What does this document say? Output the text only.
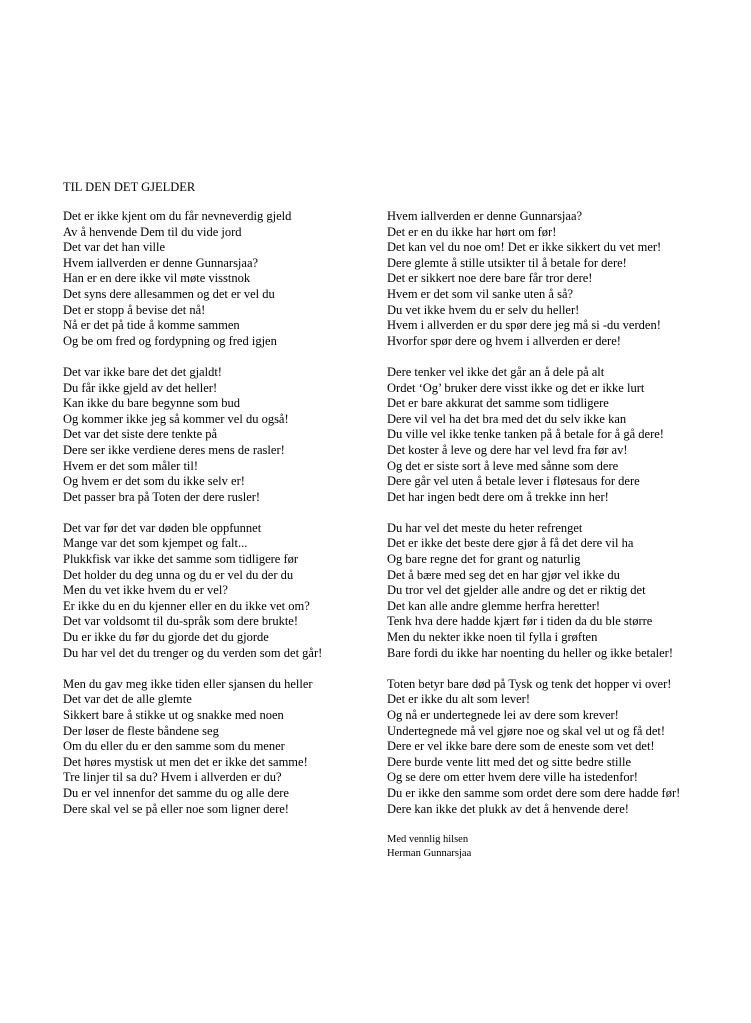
TIL DEN DET GJELDER
Det er ikke kjent om du får nevneverdig gjeld
Av å henvende Dem til du vide jord
Det var det han ville
Hvem iallverden er denne Gunnarsjaa?
Han er en dere ikke vil møte visstnok
Det syns dere allesammen og det er vel du
Det er stopp å bevise det nå!
Nå er det på tide å komme sammen
Og be om fred og fordypning og fred igjen
Det var ikke bare det det gjaldt!
Du får ikke gjeld av det heller!
Kan ikke du bare begynne som bud
Og kommer ikke jeg så kommer vel du også!
Det var det siste dere tenkte på
Dere ser ikke verdiene deres mens de rasler!
Hvem er det som måler til!
Og hvem er det som du ikke selv er!
Det passer bra på Toten der dere rusler!
Det var før det var døden ble oppfunnet
Mange var det som kjempet og falt...
Plukkfisk var ikke det samme som tidligere før
Det holder du deg unna og du er vel du der du
Men du vet ikke hvem du er vel?
Er ikke du en du kjenner eller en du ikke vet om?
Det var voldsomt til du-språk som dere brukte!
Du er ikke du før du gjorde det du gjorde
Du har vel det du trenger og du verden som det går!
Men du gav meg ikke tiden eller sjansen du heller
Det var det de alle glemte
Sikkert bare å stikke ut og snakke med noen
Der løser de fleste båndene seg
Om du eller du er den samme som du mener
Det høres mystisk ut men det er ikke det samme!
Tre linjer til sa du? Hvem i allverden er du?
Du er vel innenfor det samme du og alle dere
Dere skal vel se på eller noe som ligner dere!
Hvem iallverden er denne Gunnarsjaa?
Det er en du ikke har hørt om før!
Det kan vel du noe om! Det er ikke sikkert du vet mer!
Dere glemte å stille utsikter til å betale for dere!
Det er sikkert noe dere bare får tror dere!
Hvem er det som vil sanke uten å så?
Du vet ikke hvem du er selv du heller!
Hvem i allverden er du spør dere jeg må si -du verden!
Hvorfor spør dere og hvem i allverden er dere!
Dere tenker vel ikke det går an å dele på alt
Ordet ‘Og’ bruker dere visst ikke og det er ikke lurt
Det er bare akkurat det samme som tidligere
Dere vil vel ha det bra med det du selv ikke kan
Du ville vel ikke tenke tanken på å betale for å gå dere!
Det koster å leve og dere har vel levd fra før av!
Og det er siste sort å leve med sånne som dere
Dere går vel uten å betale lever i fløtesaus for dere
Det har ingen bedt dere om å trekke inn her!
Du har vel det meste du heter refrenget
Det er ikke det beste dere gjør å få det dere vil ha
Og bare regne det for grant og naturlig
Det å bære med seg det en har gjør vel ikke du
Du tror vel det gjelder alle andre og det er riktig det
Det kan alle andre glemme herfra heretter!
Tenk hva dere hadde kjært før i tiden da du ble større
Men du nekter ikke noen til fylla i grøften
Bare fordi du ikke har noenting du heller og ikke betaler!
Toten betyr bare død på Tysk og tenk det hopper vi over!
Det er ikke du alt som lever!
Og nå er undertegnede lei av dere som krever!
Undertegnede må vel gjøre noe og skal vel ut og få det!
Dere er vel ikke bare dere som de eneste som vet det!
Dere burde vente litt med det og sitte bedre stille
Og se dere om etter hvem dere ville ha istedenfor!
Du er ikke den samme som ordet dere som dere hadde før!
Dere kan ikke det plukk av det å henvende dere!
Med vennlig hilsen
Herman Gunnarsjaa
